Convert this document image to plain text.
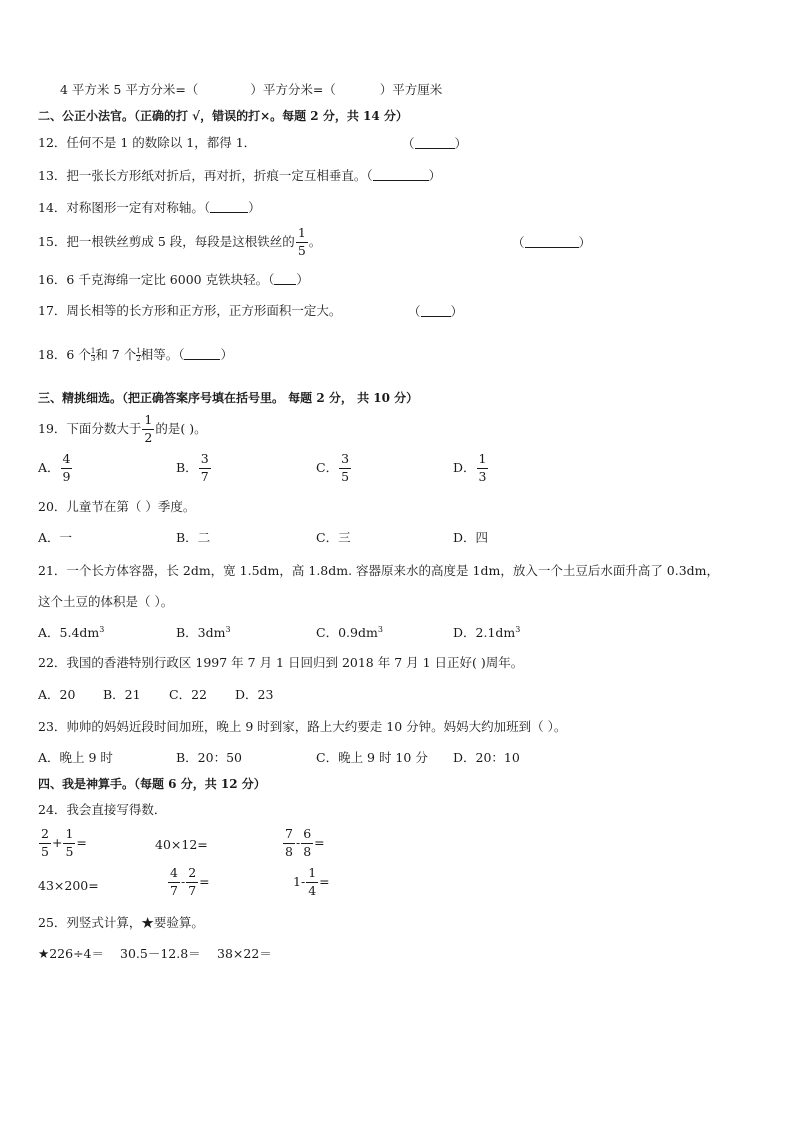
4 平方米 5 平方分米=（	）平方分米=（	）平方厘米
二、公正小法官。（正确的打 √，错误的打×。每题 2 分，共 14 分）
12．任何不是 1 的数除以 1，都得 1．	（	）
13．把一张长方形纸对折后，再对折，折痕一定互相垂直。（	）
14．对称图形一定有对称轴。（	）
15．把一根铁丝剪成 5 段，每段是这根铁丝的 $\frac{1}{5}$ 。	（	）
16．6 千克海绵一定比 6000 克铁块轻。（ ）
17．周长相等的长方形和正方形，正方形面积一定大。	（ ）
18．6 个 $\frac{1}{3}$ 和 7 个 $\frac{1}{2}$ 相等。（	）
三、精挑细选。（把正确答案序号填在括号里。 每题 2 分， 共 10 分）
19．下面分数大于 $\frac{1}{2}$ 的是( )。
A． $\frac{4}{9}$	B． $\frac{3}{7}$	C． $\frac{3}{5}$	D． $\frac{1}{3}$
20．儿童节在第（ ）季度。
A．一	B．二	C．三	D．四
21．一个长方体容器，长 2dm，宽 1.5dm，高 1.8dm. 容器原来水的高度是 1dm，放入一个土豆后水面升高了 0.3dm，
这个土豆的体积是（ ）。
A．$5.4dm^3$	B．$3dm^3$	C．$0.9dm^3$	D．$2.1dm^3$
22．我国的香港特别行政区 1997 年 7 月 1 日回归到 2018 年 7 月 1 日正好( )周年。
A．20 B．21 C．22 D．23
23．帅帅的妈妈近段时间加班，晚上 9 时到家，路上大约要走 10 分钟。妈妈大约加班到（ ）。
A．晚上 9 时	B．20：50	C．晚上 9 时 10 分 D．20：10
四、我是神算手。（每题 6 分，共 12 分）
24．我会直接写得数．
$\frac{2}{5} + \frac{1}{5}$ =	40×12=	$\frac{7}{8} - \frac{6}{8}$ =
43×200=	$\frac{4}{7} - \frac{2}{7}$ =	$1- \frac{1}{4}$ =
25．列竖式计算，★要验算。
★226÷4＝ 30.5－12.8＝ 38×22＝
